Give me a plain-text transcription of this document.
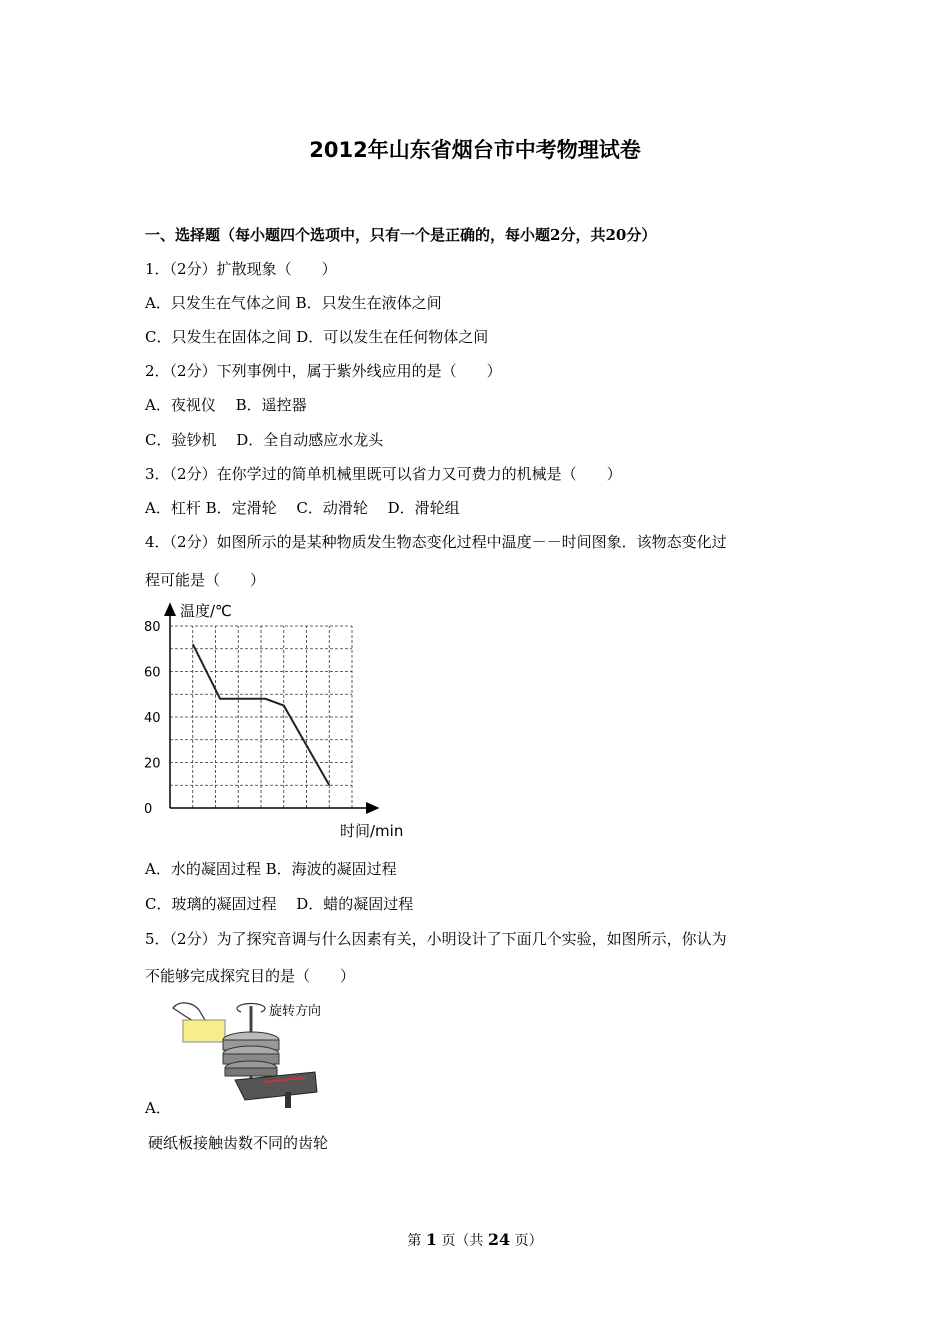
2012年山东省烟台市中考物理试卷
一、选择题（每小题四个选项中，只有一个是正确的，每小题2分，共20分）
1．（2分）扩散现象（　　）
A．只发生在气体之间 B．只发生在液体之间
C．只发生在固体之间 D．可以发生在任何物体之间
2．（2分）下列事例中，属于紫外线应用的是（　　）
A．夜视仪　 B．遥控器
C．验钞机　 D．全自动感应水龙头
3．（2分）在你学过的简单机械里既可以省力又可费力的机械是（　　）
A．杠杆 B．定滑轮　 C．动滑轮　 D．滑轮组
4．（2分）如图所示的是某种物质发生物态变化过程中温度－－时间图象．该物态变化过
程可能是（　　）
温度/℃
时间/min
0
20
40
60
80
A．水的凝固过程 B．海波的凝固过程
C．玻璃的凝固过程　 D．蜡的凝固过程
5．（2分）为了探究音调与什么因素有关，小明设计了下面几个实验，如图所示，你认为
不能够完成探究目的是（　　）
旋转方向
A．
硬纸板接触齿数不同的齿轮
第 1 页（共 24 页）
